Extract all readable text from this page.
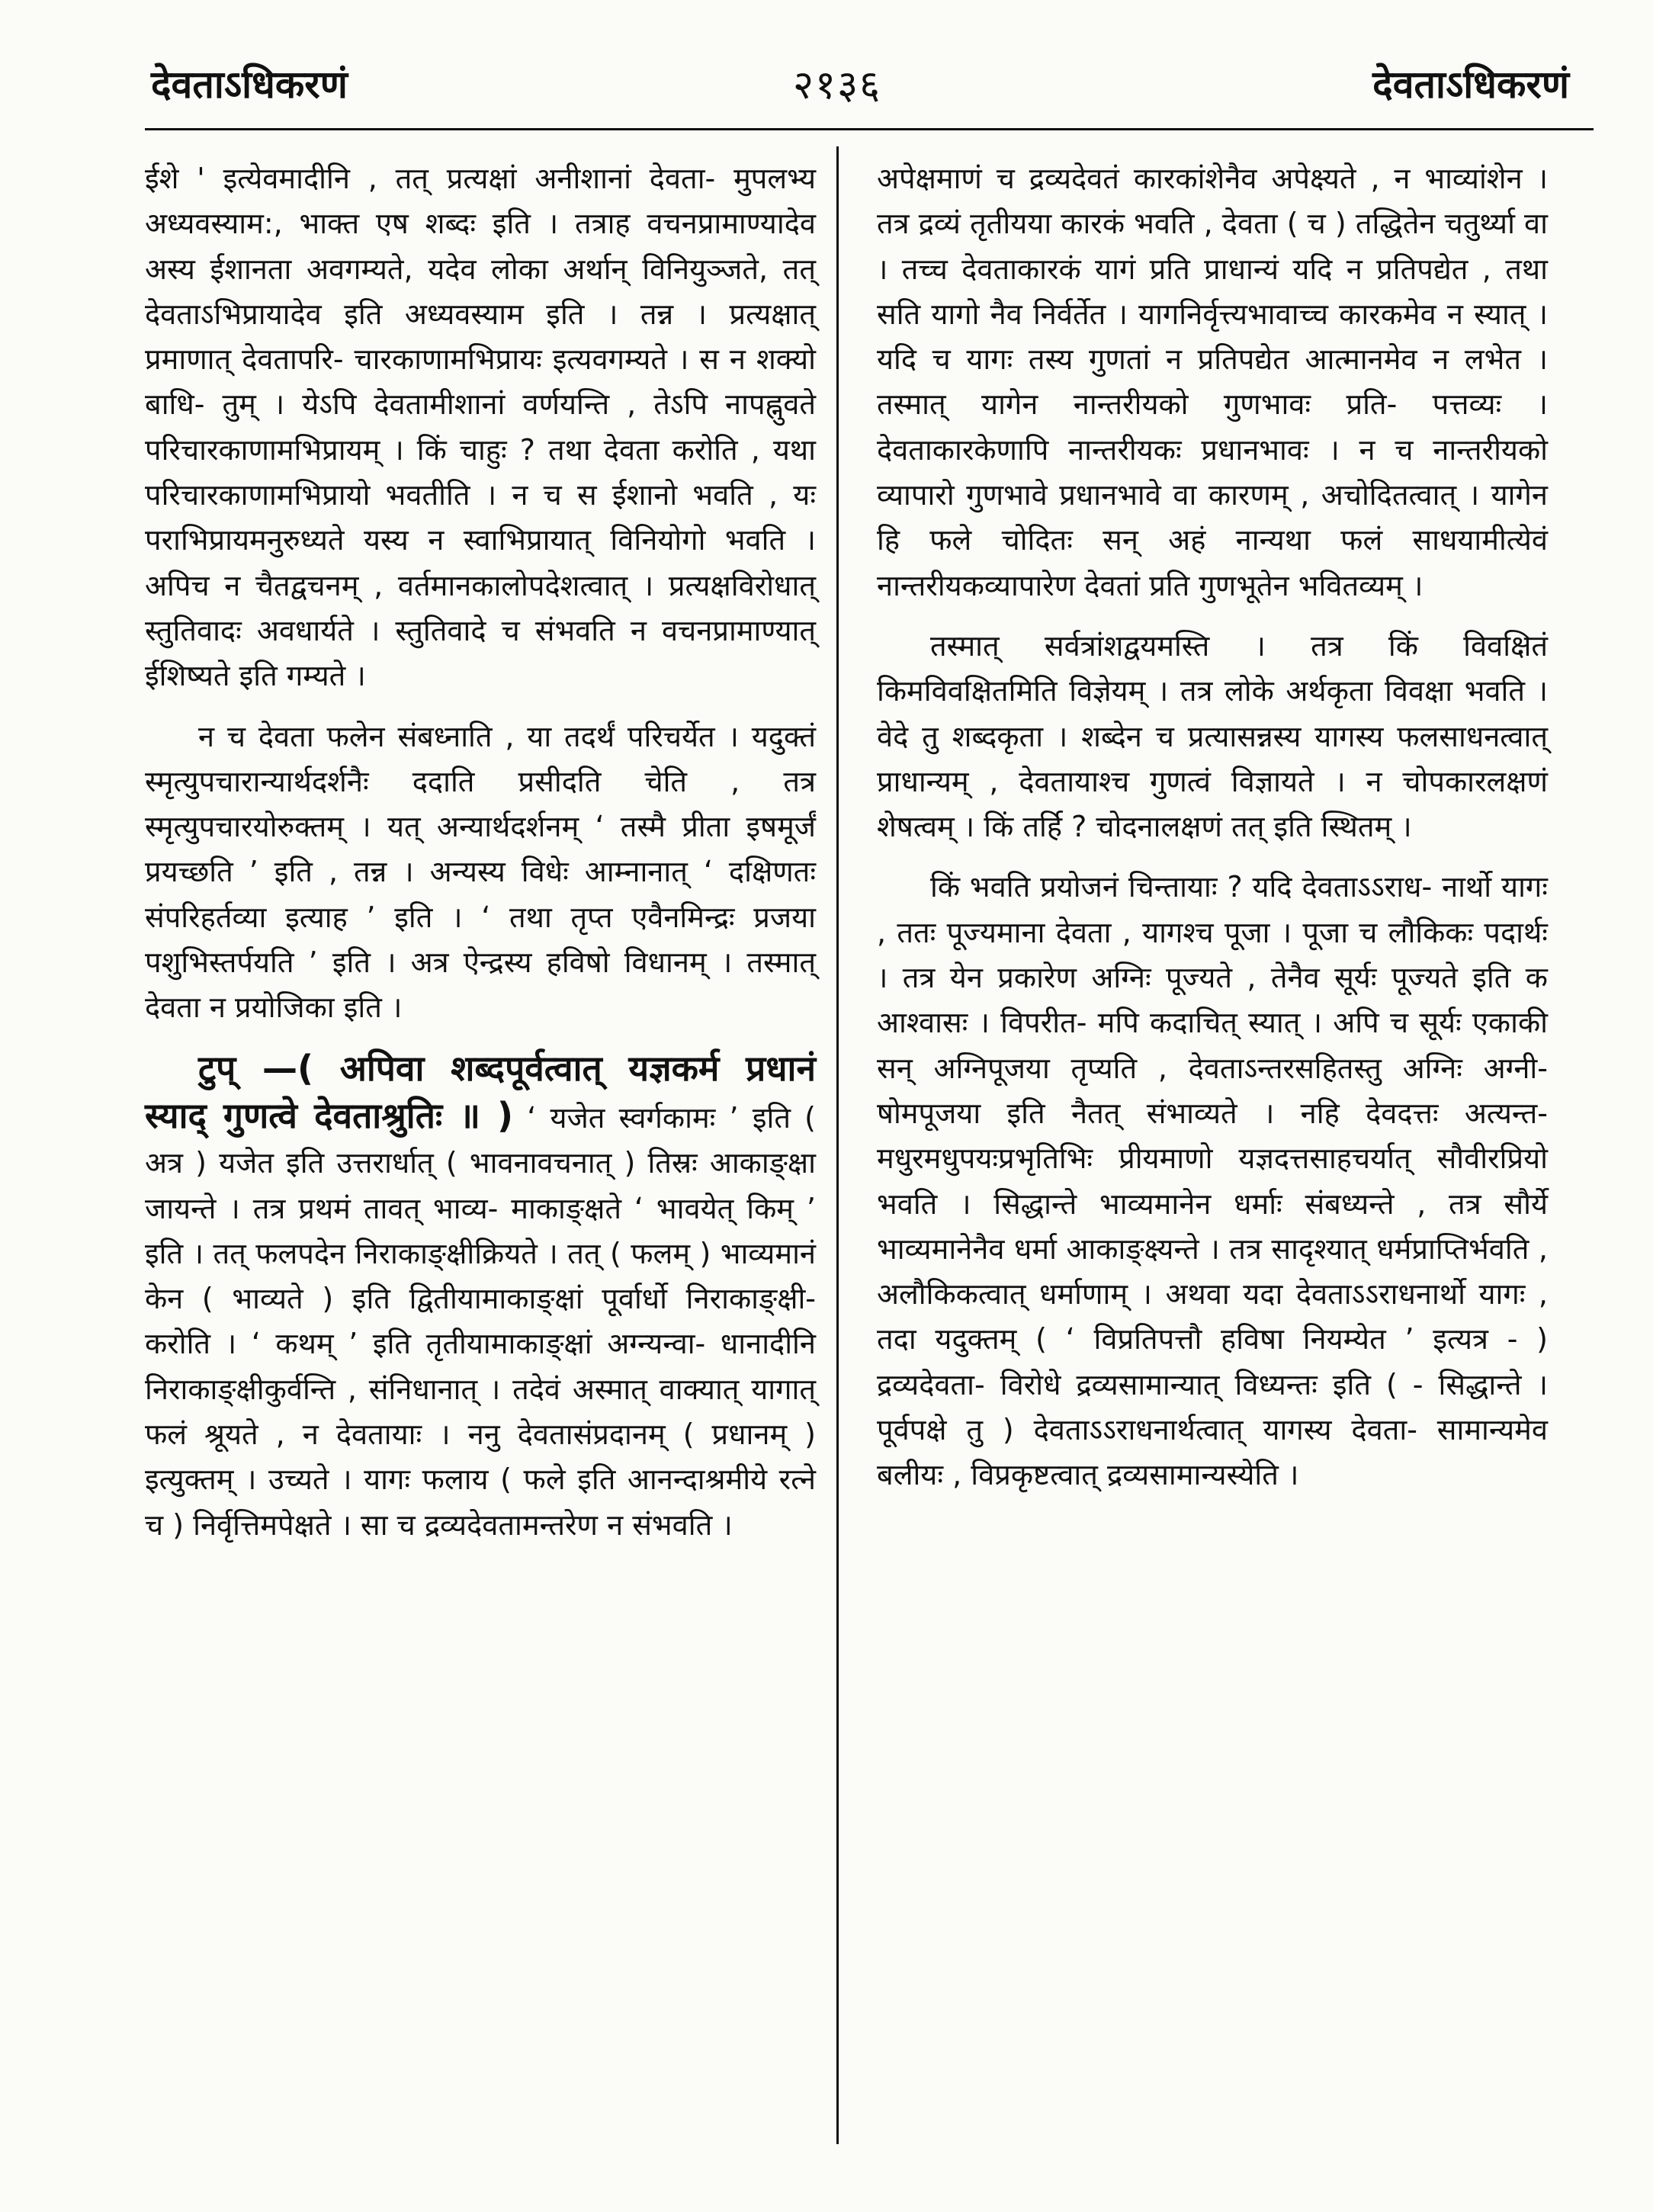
देवताऽधिकरणं	२१३६	देवताऽधिकरणं

ईशे ' इत्येवमादीनि , तत् प्रत्यक्षां अनीशानां देवता- मुपलभ्य अध्यवस्याम:, भाक्त एष शब्दः इति । तत्राह वचनप्रामाण्यादेव अस्य ईशानता अवगम्यते, यदेव लोका अर्थान् विनियुञ्जते, तत् देवताऽभिप्रायादेव इति अध्यवस्याम इति । तन्न । प्रत्यक्षात् प्रमाणात् देवतापरि- चारकाणामभिप्रायः इत्यवगम्यते । स न शक्यो बाधि- तुम् । येऽपि देवतामीशानां वर्णयन्ति , तेऽपि नापह्नुवते परिचारकाणामभिप्रायम् । किं चाहुः ? तथा देवता करोति , यथा परिचारकाणामभिप्रायो भवतीति । न च स ईशानो भवति , यः पराभिप्रायमनुरुध्यते यस्य न स्वाभिप्रायात् विनियोगो भवति । अपिच न चैतद्वचनम् , वर्तमानकालोपदेशत्वात् । प्रत्यक्षविरोधात् स्तुतिवादः अवधार्यते । स्तुतिवादे च संभवति न वचनप्रामाण्यात् ईशिष्यते इति गम्यते ।

न च देवता फलेन संबध्नाति , या तदर्थं परिचर्येत । यदुक्तं स्मृत्युपचारान्यार्थदर्शनैः ददाति प्रसीदति चेति , तत्र स्मृत्युपचारयोरुक्तम् । यत् अन्यार्थदर्शनम् ‘ तस्मै प्रीता इषमूर्जं प्रयच्छति ’ इति , तन्न । अन्यस्य विधेः आम्नानात् ‘ दक्षिणतः संपरिहर्तव्या इत्याह ’ इति । ‘ तथा तृप्त एवैनमिन्द्रः प्रजया पशुभिस्तर्पयति ’ इति । अत्र ऐन्द्रस्य हविषो विधानम् । तस्मात् देवता न प्रयोजिका इति ।

टुप् —( अपिवा शब्दपूर्वत्वात् यज्ञकर्म प्रधानं स्याद् गुणत्वे देवताश्रुतिः ॥ ) ‘ यजेत स्वर्गकामः ’ इति ( अत्र ) यजेत इति उत्तरार्धात् ( भावनावचनात् ) तिस्रः आकाङ्क्षा जायन्ते । तत्र प्रथमं तावत् भाव्य- माकाङ्क्षते ‘ भावयेत् किम् ’ इति । तत् फलपदेन निराकाङ्क्षीक्रियते । तत् ( फलम् ) भाव्यमानं केन ( भाव्यते ) इति द्वितीयामाकाङ्क्षां पूर्वार्धो निराकाङ्क्षी- करोति । ‘ कथम् ’ इति तृतीयामाकाङ्क्षां अग्न्यन्वा- धानादीनि निराकाङ्क्षीकुर्वन्ति , संनिधानात् । तदेवं अस्मात् वाक्यात् यागात् फलं श्रूयते , न देवतायाः । ननु देवतासंप्रदानम् ( प्रधानम् ) इत्युक्तम् । उच्यते । यागः फलाय ( फले इति आनन्दाश्रमीये रत्ने च ) निर्वृत्तिमपेक्षते । सा च द्रव्यदेवतामन्तरेण न संभवति ।

अपेक्षमाणं च द्रव्यदेवतं कारकांशेनैव अपेक्ष्यते , न भाव्यांशेन । तत्र द्रव्यं तृतीयया कारकं भवति , देवता ( च ) तद्धितेन चतुर्थ्या वा । तच्च देवताकारकं यागं प्रति प्राधान्यं यदि न प्रतिपद्येत , तथा सति यागो नैव निर्वर्तेत । यागनिर्वृत्त्यभावाच्च कारकमेव न स्यात् । यदि च यागः तस्य गुणतां न प्रतिपद्येत आत्मानमेव न लभेत । तस्मात् यागेन नान्तरीयको गुणभावः प्रति- पत्तव्यः । देवताकारकेणापि नान्तरीयकः प्रधानभावः । न च नान्तरीयको व्यापारो गुणभावे प्रधानभावे वा कारणम् , अचोदितत्वात् । यागेन हि फले चोदितः सन् अहं नान्यथा फलं साधयामीत्येवं नान्तरीयकव्यापारेण देवतां प्रति गुणभूतेन भवितव्यम् ।

तस्मात् सर्वत्रांशद्वयमस्ति । तत्र किं विवक्षितं किमविवक्षितमिति विज्ञेयम् । तत्र लोके अर्थकृता विवक्षा भवति । वेदे तु शब्दकृता । शब्देन च प्रत्यासन्नस्य यागस्य फलसाधनत्वात् प्राधान्यम् , देवतायाश्च गुणत्वं विज्ञायते । न चोपकारलक्षणं शेषत्वम् । किं तर्हि ? चोदनालक्षणं तत् इति स्थितम् ।

किं भवति प्रयोजनं चिन्तायाः ? यदि देवताऽऽराध- नार्थो यागः , ततः पूज्यमाना देवता , यागश्च पूजा । पूजा च लौकिकः पदार्थः । तत्र येन प्रकारेण अग्निः पूज्यते , तेनैव सूर्यः पूज्यते इति क आश्वासः । विपरीत- मपि कदाचित् स्यात् । अपि च सूर्यः एकाकी सन् अग्निपूजया तृप्यति , देवताऽन्तरसहितस्तु अग्निः अग्नी- षोमपूजया इति नैतत् संभाव्यते । नहि देवदत्तः अत्यन्त- मधुरमधुपयःप्रभृतिभिः प्रीयमाणो यज्ञदत्तसाहचर्यात् सौवीरप्रियो भवति । सिद्धान्ते भाव्यमानेन धर्माः संबध्यन्ते , तत्र सौर्ये भाव्यमानेनैव धर्मा आकाङ्क्ष्यन्ते । तत्र सादृश्यात् धर्मप्राप्तिर्भवति , अलौकिकत्वात् धर्माणाम् । अथवा यदा देवताऽऽराधनार्थो यागः , तदा यदुक्तम् ( ‘ विप्रतिपत्तौ हविषा नियम्येत ’ इत्यत्र - ) द्रव्यदेवता- विरोधे द्रव्यसामान्यात् विध्यन्तः इति ( - सिद्धान्ते । पूर्वपक्षे तु ) देवताऽऽराधनार्थत्वात् यागस्य देवता- सामान्यमेव बलीयः , विप्रकृष्टत्वात् द्रव्यसामान्यस्येति ।
